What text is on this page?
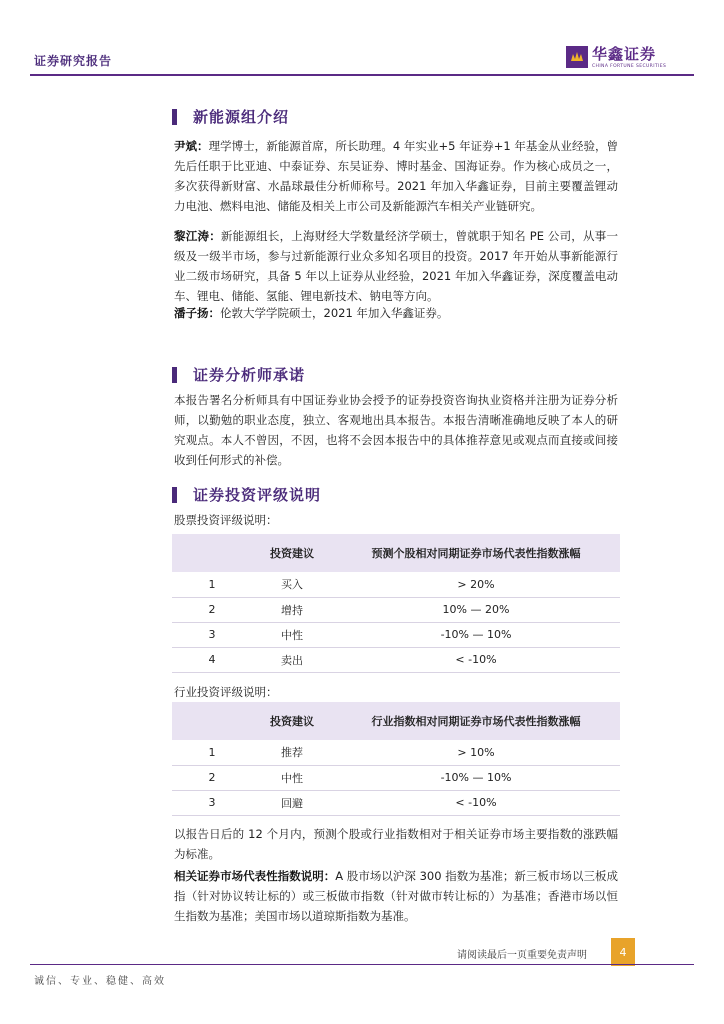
证券研究报告	华鑫证券
CHINA FORTUNE SECURITIES
新能源组介绍
尹斌：理学博士，新能源首席，所长助理。4 年实业+5 年证券+1 年基金从业经验，曾先后任职于比亚迪、中泰证券、东吴证券、博时基金、国海证券。作为核心成员之一，多次获得新财富、水晶球最佳分析师称号。2021 年加入华鑫证券，目前主要覆盖锂动力电池、燃料电池、储能及相关上市公司及新能源汽车相关产业链研究。
黎江涛：新能源组长，上海财经大学数量经济学硕士，曾就职于知名 PE 公司，从事一级及一级半市场，参与过新能源行业众多知名项目的投资。2017 年开始从事新能源行业二级市场研究，具备 5 年以上证券从业经验，2021 年加入华鑫证券，深度覆盖电动车、锂电、储能、氢能、锂电新技术、钠电等方向。
潘子扬：伦敦大学学院硕士，2021 年加入华鑫证券。
证券分析师承诺
本报告署名分析师具有中国证券业协会授予的证券投资咨询执业资格并注册为证券分析师，以勤勉的职业态度，独立、客观地出具本报告。本报告清晰准确地反映了本人的研究观点。本人不曾因，不因，也将不会因本报告中的具体推荐意见或观点而直接或间接收到任何形式的补偿。
证券投资评级说明
股票投资评级说明：
	投资建议	预测个股相对同期证券市场代表性指数涨幅
1	买入	> 20%
2	增持	10% — 20%
3	中性	-10% — 10%
4	卖出	< -10%
行业投资评级说明：
	投资建议	行业指数相对同期证券市场代表性指数涨幅
1	推荐	> 10%
2	中性	-10% — 10%
3	回避	< -10%
以报告日后的 12 个月内，预测个股或行业指数相对于相关证券市场主要指数的涨跌幅为标准。
相关证券市场代表性指数说明：A 股市场以沪深 300 指数为基准；新三板市场以三板成指（针对协议转让标的）或三板做市指数（针对做市转让标的）为基准；香港市场以恒生指数为基准；美国市场以道琼斯指数为基准。
请阅读最后一页重要免责声明	4
诚信、专业、稳健、高效
